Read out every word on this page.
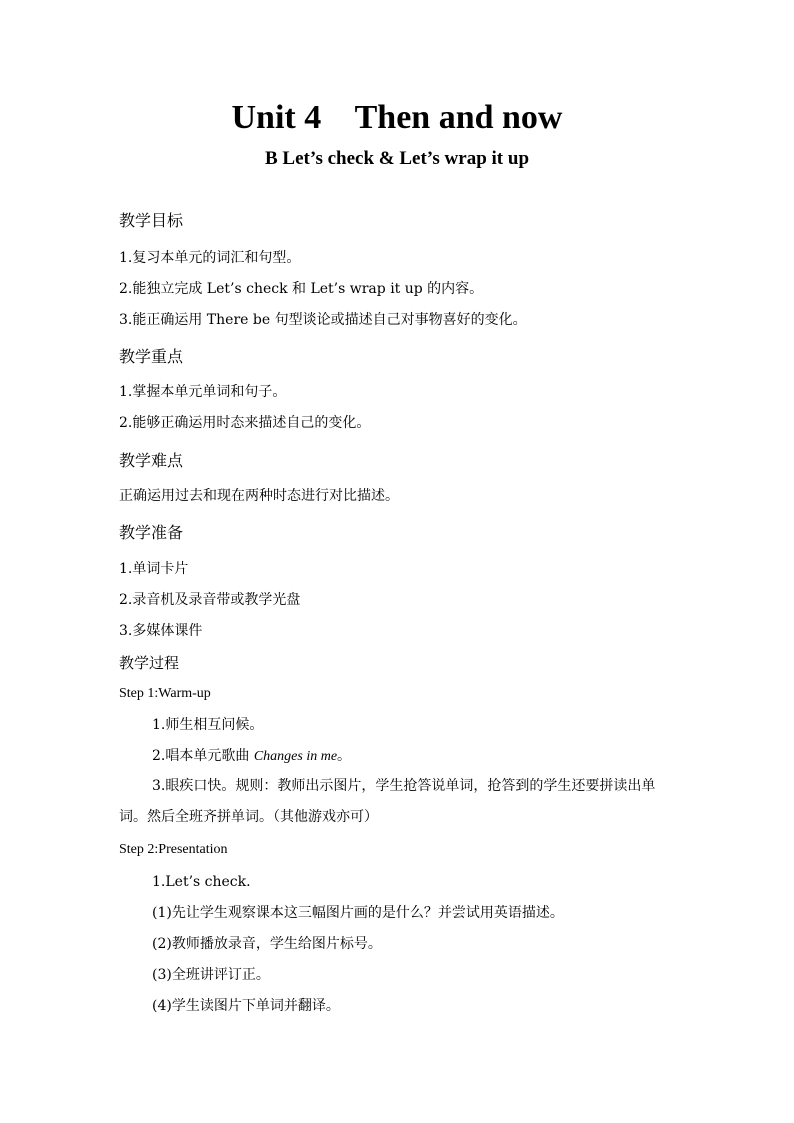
Unit 4    Then and now
B Let’s check & Let’s wrap it up
教学目标
1.复习本单元的词汇和句型。
2.能独立完成 Let’s check 和 Let’s wrap it up 的内容。
3.能正确运用 There be 句型谈论或描述自己对事物喜好的变化。
教学重点
1.掌握本单元单词和句子。
2.能够正确运用时态来描述自己的变化。
教学难点
正确运用过去和现在两种时态进行对比描述。
教学准备
1.单词卡片
2.录音机及录音带或教学光盘
3.多媒体课件
教学过程
Step 1:Warm-up
1.师生相互问候。
2.唱本单元歌曲 Changes in me。
3.眼疾口快。规则：教师出示图片，学生抢答说单词，抢答到的学生还要拼读出单词。然后全班齐拼单词。（其他游戏亦可）
Step 2:Presentation
1.Let’s check.
(1)先让学生观察课本这三幅图片画的是什么？并尝试用英语描述。
(2)教师播放录音，学生给图片标号。
(3)全班讲评订正。
(4)学生读图片下单词并翻译。
